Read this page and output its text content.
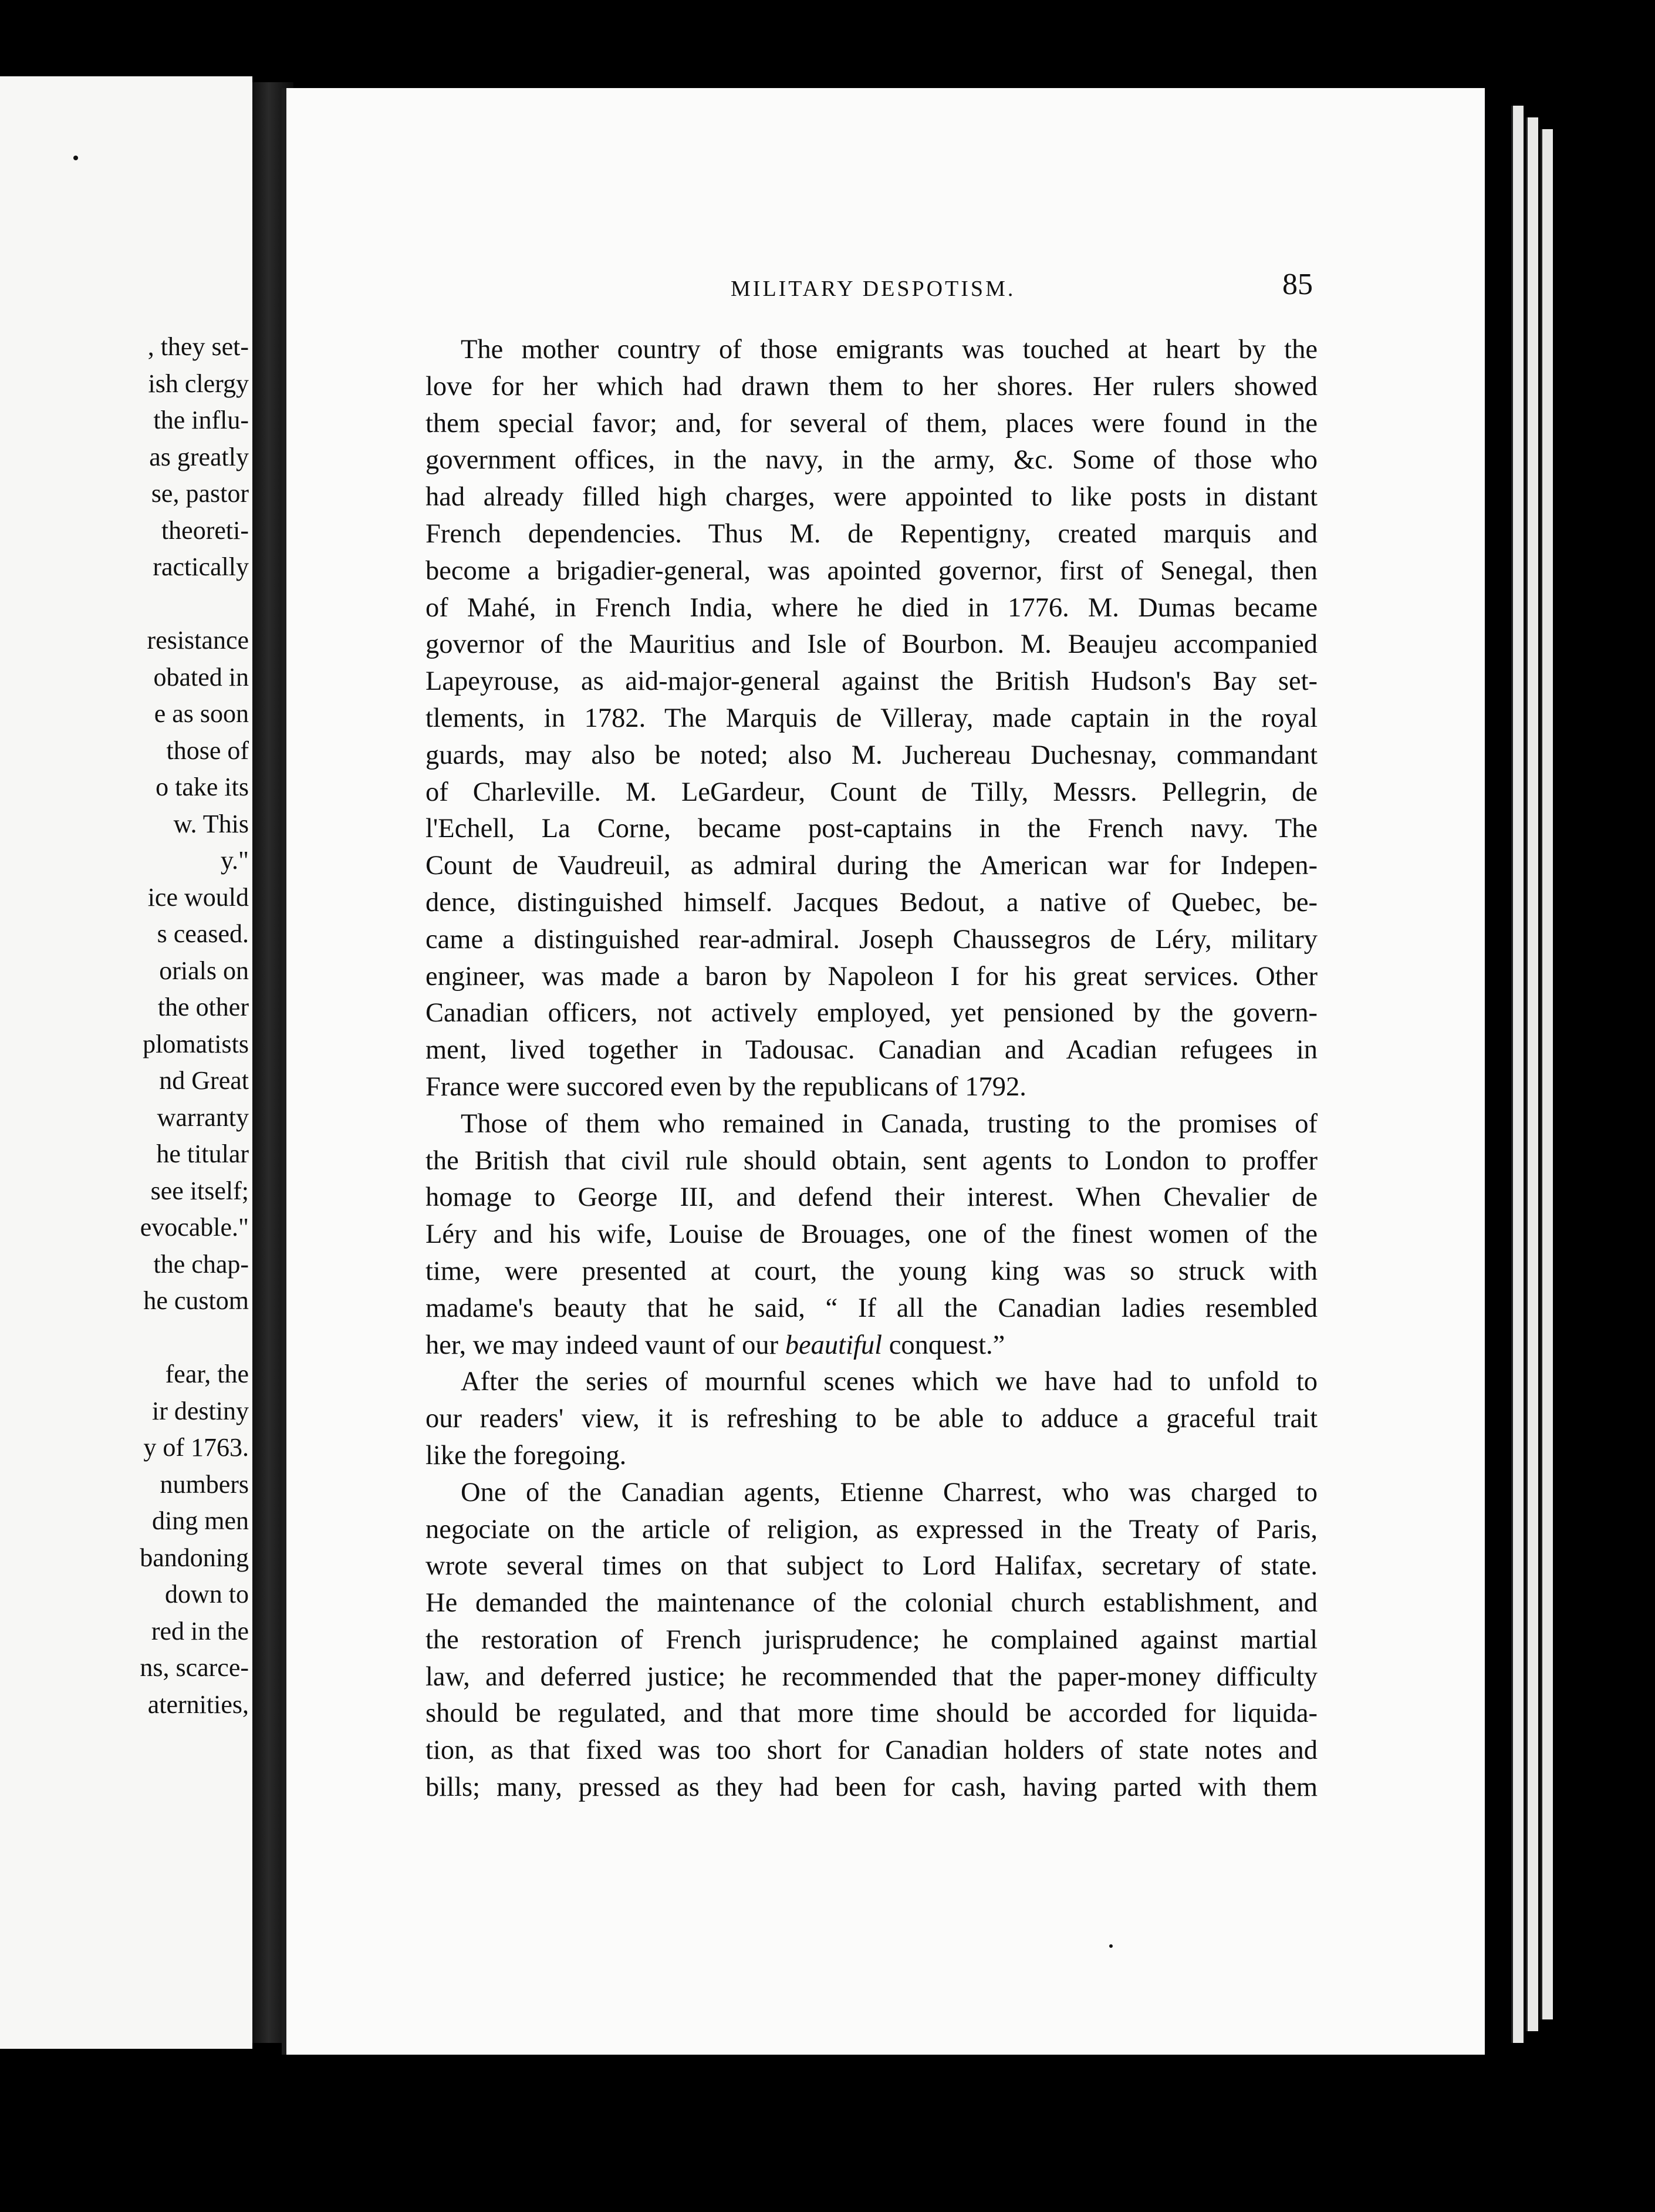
, they set-
ish clergy
the influ-
as greatly
se, pastor
theoreti-
ractically
resistance
obated in
e as soon
those of
o take its
w. This
y."
ice would
s ceased.
orials on
the other
plomatists
nd Great
warranty
he titular
see itself;
evocable."
the chap-
he custom
fear, the
ir destiny
y of 1763.
numbers
ding men
bandoning
down to
red in the
ns, scarce-
aternities,
MILITARY DESPOTISM.	85
The mother country of those emigrants was touched at heart by the
love for her which had drawn them to her shores. Her rulers showed
them special favor; and, for several of them, places were found in the
government offices, in the navy, in the army, &c. Some of those who
had already filled high charges, were appointed to like posts in distant
French dependencies. Thus M. de Repentigny, created marquis and
become a brigadier-general, was apointed governor, first of Senegal, then
of Mahé, in French India, where he died in 1776. M. Dumas became
governor of the Mauritius and Isle of Bourbon. M. Beaujeu accompanied
Lapeyrouse, as aid-major-general against the British Hudson's Bay set-
tlements, in 1782. The Marquis de Villeray, made captain in the royal
guards, may also be noted; also M. Juchereau Duchesnay, commandant
of Charleville. M. LeGardeur, Count de Tilly, Messrs. Pellegrin, de
l'Echell, La Corne, became post-captains in the French navy. The
Count de Vaudreuil, as admiral during the American war for Indepen-
dence, distinguished himself. Jacques Bedout, a native of Quebec, be-
came a distinguished rear-admiral. Joseph Chaussegros de Léry, military
engineer, was made a baron by Napoleon I for his great services. Other
Canadian officers, not actively employed, yet pensioned by the govern-
ment, lived together in Tadousac. Canadian and Acadian refugees in
France were succored even by the republicans of 1792.
Those of them who remained in Canada, trusting to the promises of
the British that civil rule should obtain, sent agents to London to proffer
homage to George III, and defend their interest. When Chevalier de
Léry and his wife, Louise de Brouages, one of the finest women of the
time, were presented at court, the young king was so struck with
madame's beauty that he said, “ If all the Canadian ladies resembled
her, we may indeed vaunt of our beautiful conquest.”
After the series of mournful scenes which we have had to unfold to
our readers' view, it is refreshing to be able to adduce a graceful trait
like the foregoing.
One of the Canadian agents, Etienne Charrest, who was charged to
negociate on the article of religion, as expressed in the Treaty of Paris,
wrote several times on that subject to Lord Halifax, secretary of state.
He demanded the maintenance of the colonial church establishment, and
the restoration of French jurisprudence; he complained against martial
law, and deferred justice; he recommended that the paper-money difficulty
should be regulated, and that more time should be accorded for liquida-
tion, as that fixed was too short for Canadian holders of state notes and
bills; many, pressed as they had been for cash, having parted with them
